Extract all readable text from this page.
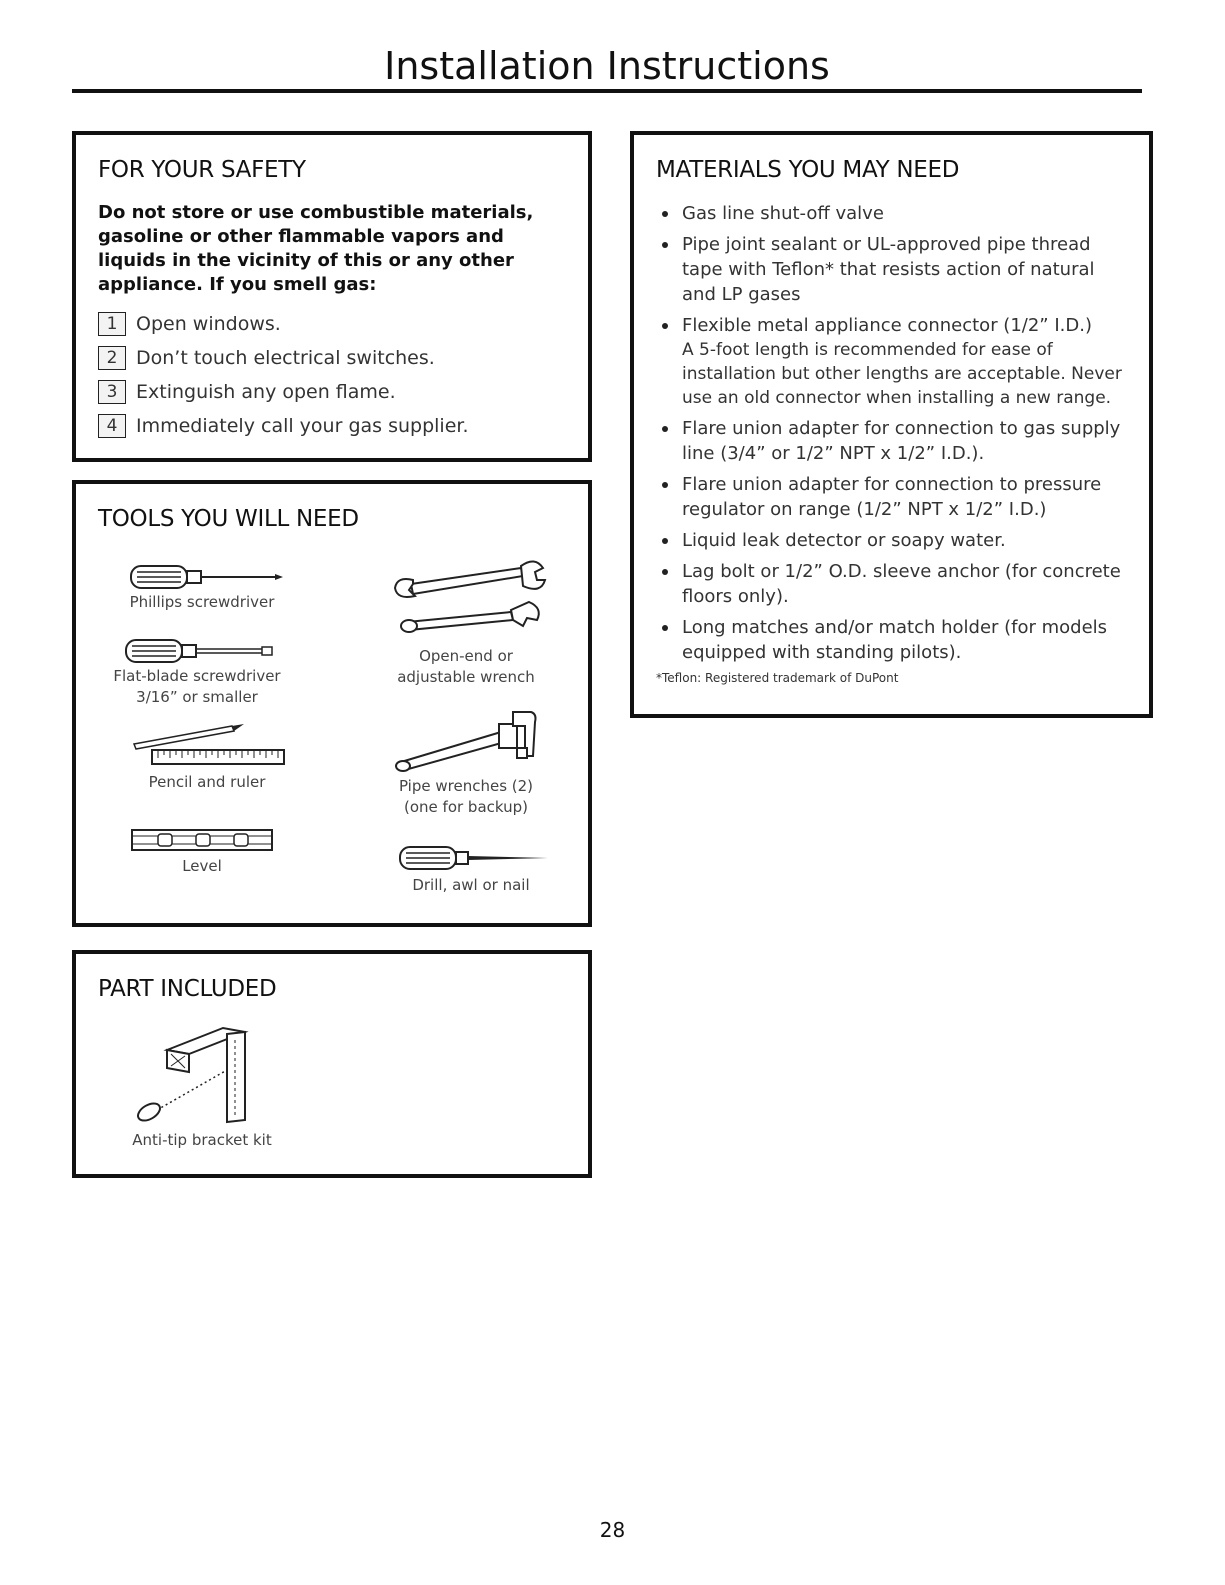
Installation Instructions
FOR YOUR SAFETY
Do not store or use combustible materials, gasoline or other flammable vapors and liquids in the vicinity of this or any other appliance. If you smell gas:
1 Open windows.
2 Don’t touch electrical switches.
3 Extinguish any open flame.
4 Immediately call your gas supplier.
TOOLS YOU WILL NEED
Phillips screwdriver
Flat-blade screwdriver
3/16” or smaller
Pencil and ruler
Level
Open-end or
adjustable wrench
Pipe wrenches (2)
(one for backup)
Drill, awl or nail
PART INCLUDED
Anti-tip bracket kit
MATERIALS YOU MAY NEED
Gas line shut-off valve
Pipe joint sealant or UL-approved pipe thread tape with Teflon* that resists action of natural and LP gases
Flexible metal appliance connector (1/2” I.D.)
A 5-foot length is recommended for ease of installation but other lengths are acceptable. Never use an old connector when installing a new range.
Flare union adapter for connection to gas supply line (3/4” or 1/2” NPT x 1/2” I.D.).
Flare union adapter for connection to pressure regulator on range (1/2” NPT x 1/2” I.D.)
Liquid leak detector or soapy water.
Lag bolt or 1/2” O.D. sleeve anchor (for concrete floors only).
Long matches and/or match holder (for models equipped with standing pilots).
*Teflon: Registered trademark of DuPont
28
